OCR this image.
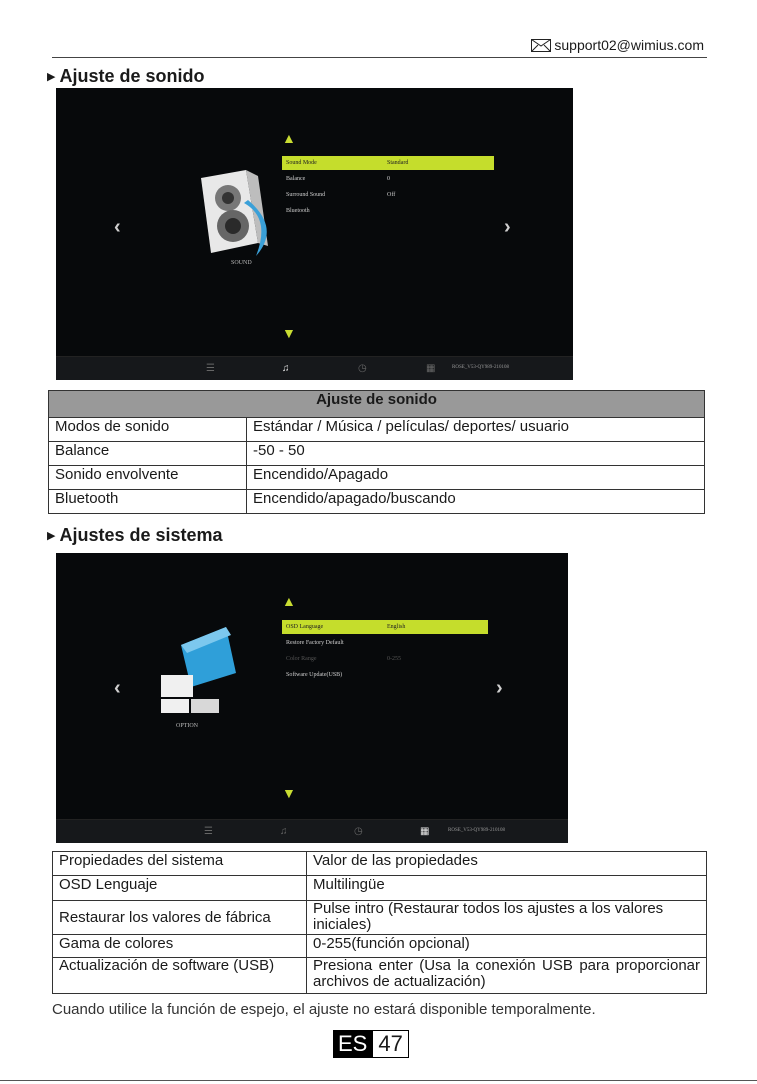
support02@wimius.com
▶ Ajuste de sonido
SOUND
‹	›
▲
▼
Sound Mode	Standard
Balance	0
Surround Sound	Off
Bluetooth
☰	♫	◷	▦	ROSE_V53-QY989-210108
Ajuste de sonido	
Modos de sonido	Estándar / Música / películas/ deportes/ usuario
Balance	-50 - 50
Sonido envolvente	Encendido/Apagado
Bluetooth	Encendido/apagado/buscando
▶ Ajustes de sistema
OPTION
‹	›
▲
▼
OSD Language	English
Restore Factory Default
Color Range	0-255
Software Update(USB)
☰	♫	◷	▦	ROSE_V53-QY989-210108
Propiedades del sistema	Valor de las propiedades
OSD Lenguaje	Multilingüe
Restaurar los valores de fábrica	Pulse intro (Restaurar todos los ajustes a los valores iniciales)
Gama de colores	0-255(función opcional)
Actualización de software (USB)	Presiona enter (Usa la conexión USB para proporcionar archivos de actualización)
Cuando utilice la función de espejo, el ajuste no estará disponible temporalmente.
ES 47
